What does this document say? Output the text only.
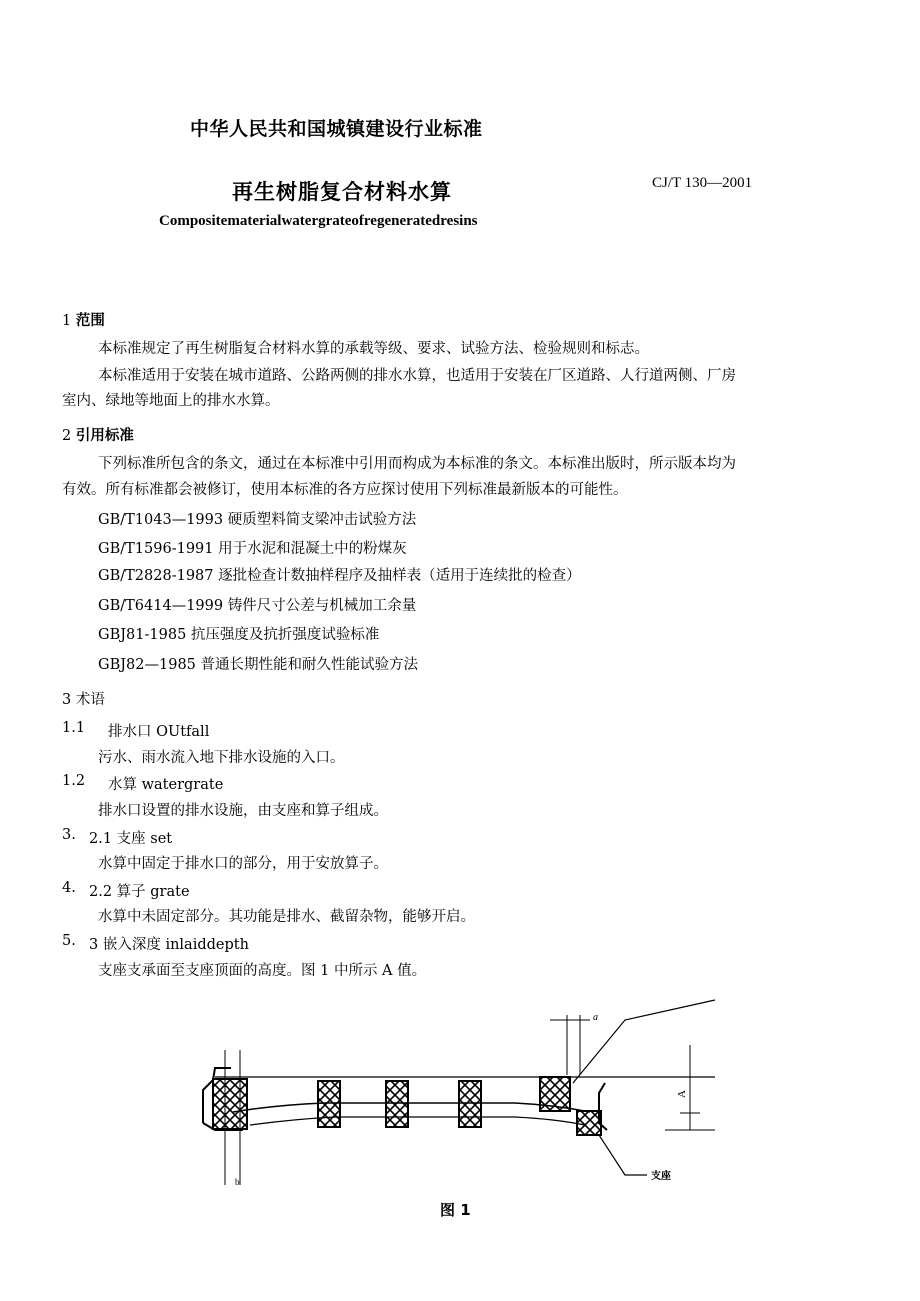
中华人民共和国城镇建设行业标准
再生树脂复合材料水算	CJ/T 130—2001
Compositematerialwatergrateofregeneratedresins
1 范围
本标准规定了再生树脂复合材料水算的承载等级、要求、试验方法、检验规则和标志。
本标准适用于安装在城市道路、公路两侧的排水水算，也适用于安装在厂区道路、人行道两侧、厂房
室内、绿地等地面上的排水水算。
2 引用标准
下列标准所包含的条文，通过在本标准中引用而构成为本标准的条文。本标准出版时，所示版本均为
有效。所有标准都会被修订，使用本标准的各方应探讨使用下列标准最新版本的可能性。
GB/T1043—1993 硬质塑料简支梁冲击试验方法
GB/T1596-1991 用于水泥和混凝土中的粉煤灰
GB/T2828-1987 逐批检查计数抽样程序及抽样表（适用于连续批的检查）
GB/T6414—1999 铸件尺寸公差与机械加工余量
GBJ81-1985 抗压强度及抗折强度试验标准
GBJ82—1985 普通长期性能和耐久性能试验方法
3 术语
1.1 排水口 OUtfall
污水、雨水流入地下排水设施的入口。
1.2 水算 watergrate
排水口设置的排水设施，由支座和算子组成。
3. 2.1 支座 set
水算中固定于排水口的部分，用于安放算子。
4. 2.2 算子 grate
水算中未固定部分。其功能是排水、截留杂物，能够开启。
5. 3 嵌入深度 inlaiddepth
支座支承面至支座顶面的高度。图 1 中所示 A 值。
a
A
b	支座
图 1
